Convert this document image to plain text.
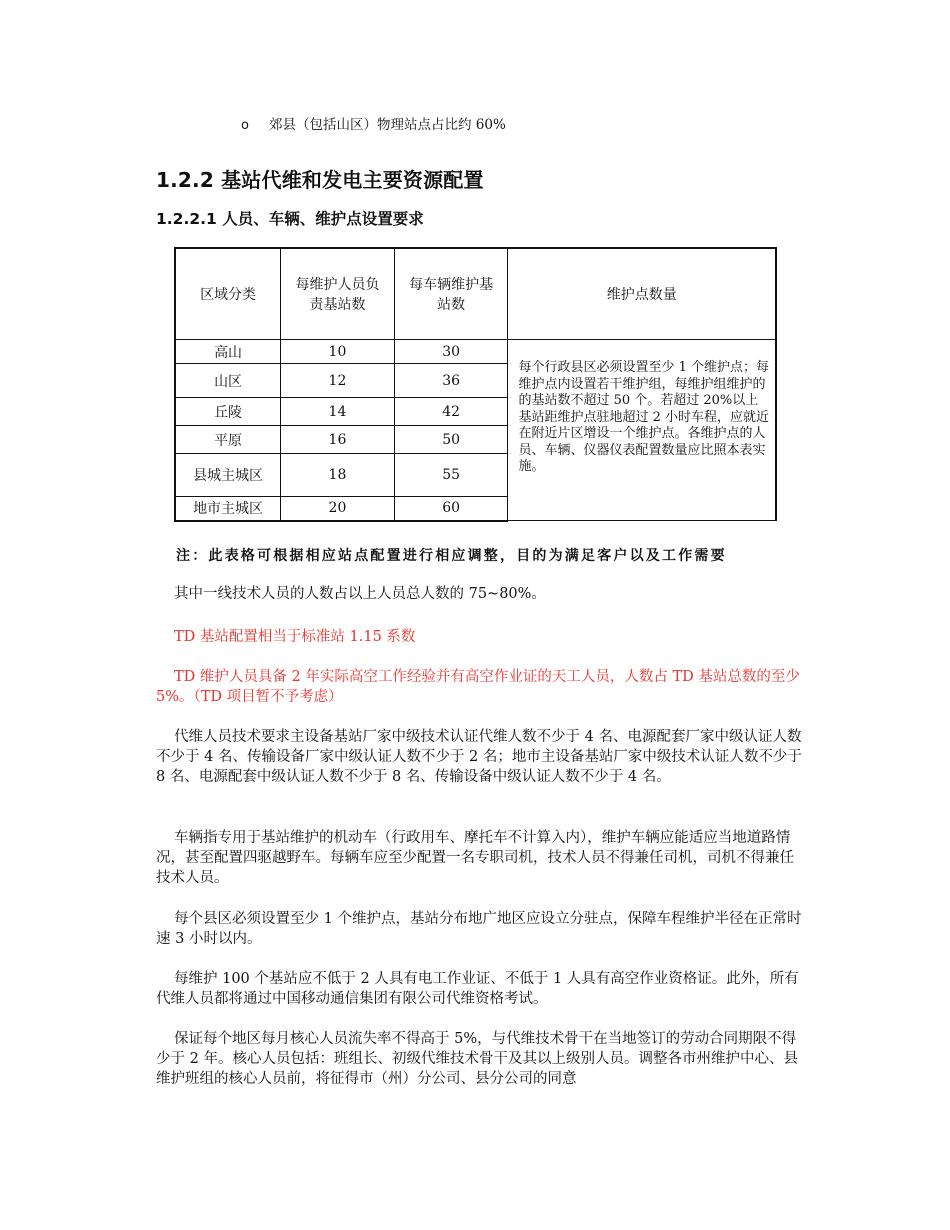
o 郊县（包括山区）物理站点占比约 60%
1.2.2 基站代维和发电主要资源配置
1.2.2.1 人员、车辆、维护点设置要求
区域分类	每维护人员负责基站数	每车辆维护基站数	维护点数量
高山	10	30	每个行政县区必须设置至少 1 个维护点；每维护点内设置若干维护组，每维护组维护的的基站数不超过 50 个。若超过 20%以上基站距维护点驻地超过 2 小时车程，应就近在附近片区增设一个维护点。各维护点的人员、车辆、仪器仪表配置数量应比照本表实施。
山区	12	36	
丘陵	14	42	
平原	16	50	
县城主城区	18	55	
地市主城区	20	60	
注：此表格可根据相应站点配置进行相应调整，目的为满足客户以及工作需要
其中一线技术人员的人数占以上人员总人数的 75~80%。
TD 基站配置相当于标准站 1.15 系数
TD 维护人员具备 2 年实际高空工作经验并有高空作业证的天工人员，人数占 TD 基站总数的至少 5%。（TD 项目暂不予考虑）
代维人员技术要求主设备基站厂家中级技术认证代维人数不少于 4 名、电源配套厂家中级认证人数不少于 4 名、传输设备厂家中级认证人数不少于 2 名；地市主设备基站厂家中级技术认证人数不少于 8 名、电源配套中级认证人数不少于 8 名、传输设备中级认证人数不少于 4 名。
车辆指专用于基站维护的机动车（行政用车、摩托车不计算入内），维护车辆应能适应当地道路情况，甚至配置四驱越野车。每辆车应至少配置一名专职司机，技术人员不得兼任司机，司机不得兼任技术人员。
每个县区必须设置至少 1 个维护点，基站分布地广地区应设立分驻点，保障车程维护半径在正常时速 3 小时以内。
每维护 100 个基站应不低于 2 人具有电工作业证、不低于 1 人具有高空作业资格证。此外，所有代维人员都将通过中国移动通信集团有限公司代维资格考试。
保证每个地区每月核心人员流失率不得高于 5%，与代维技术骨干在当地签订的劳动合同期限不得少于 2 年。核心人员包括：班组长、初级代维技术骨干及其以上级别人员。调整各市州维护中心、县维护班组的核心人员前，将征得市（州）分公司、县分公司的同意
